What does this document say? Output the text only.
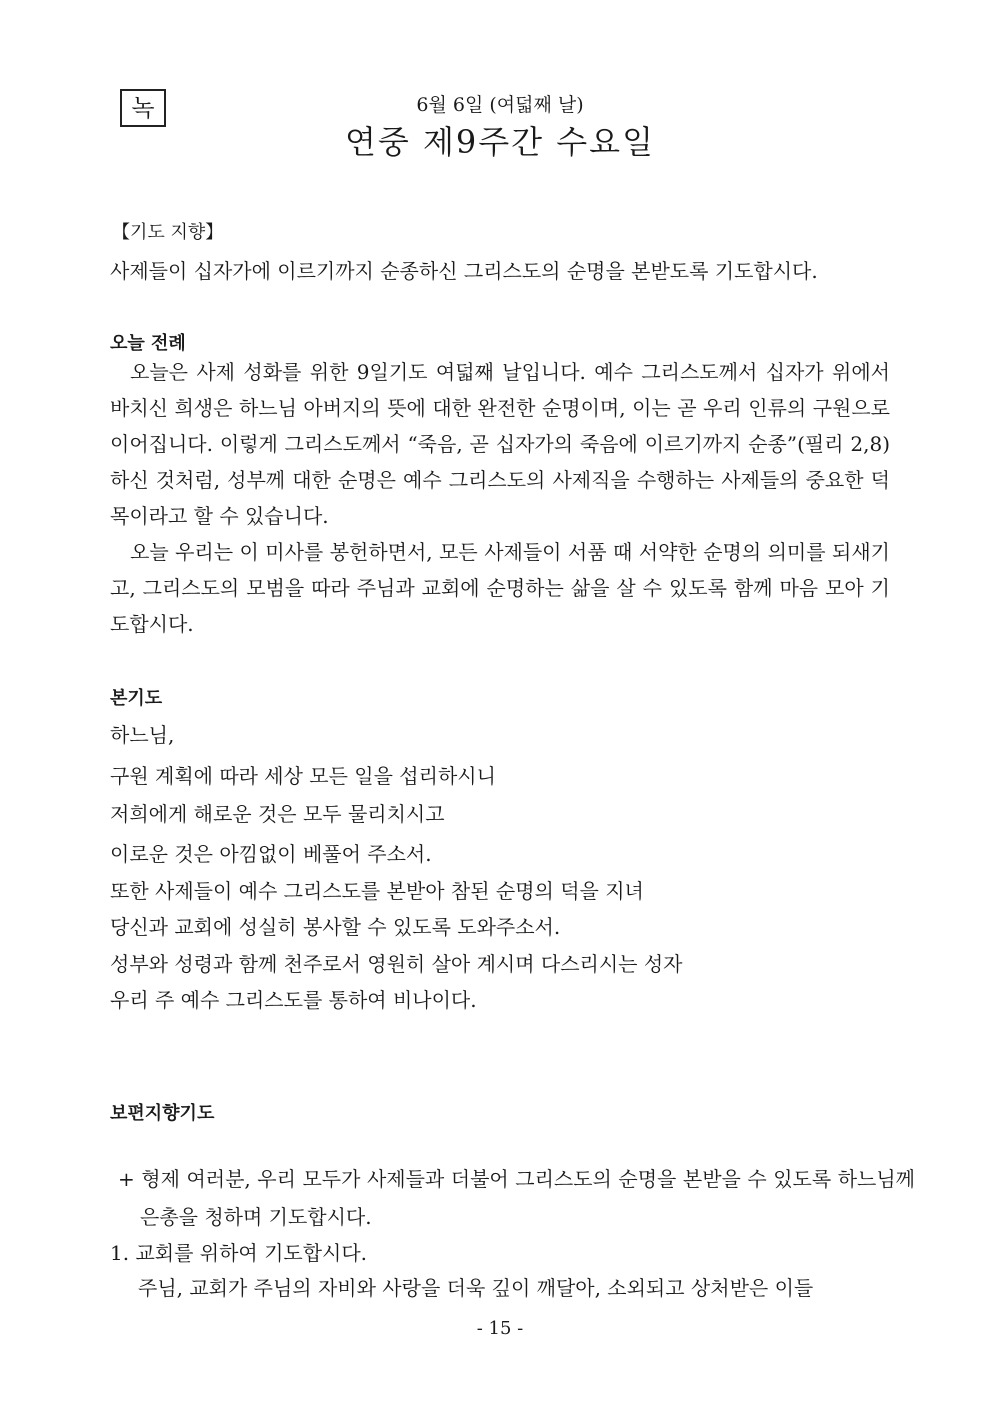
녹	6월 6일 (여덟째 날)
연중 제9주간 수요일
【기도 지향】
사제들이 십자가에 이르기까지 순종하신 그리스도의 순명을 본받도록 기도합시다.
오늘 전례

오늘은 사제 성화를 위한 9일기도 여덟째 날입니다. 예수 그리스도께서 십자가 위에서 바치신 희생은 하느님 아버지의 뜻에 대한 완전한 순명이며, 이는 곧 우리 인류의 구원으로 이어집니다. 이렇게 그리스도께서 “죽음, 곧 십자가의 죽음에 이르기까지 순종”(필리 2,8) 하신 것처럼, 성부께 대한 순명은 예수 그리스도의 사제직을 수행하는 사제들의 중요한 덕목이라고 할 수 있습니다.

오늘 우리는 이 미사를 봉헌하면서, 모든 사제들이 서품 때 서약한 순명의 의미를 되새기고, 그리스도의 모범을 따라 주님과 교회에 순명하는 삶을 살 수 있도록 함께 마음 모아 기도합시다.

본기도
하느님,
구원 계획에 따라 세상 모든 일을 섭리하시니
저희에게 해로운 것은 모두 물리치시고
이로운 것은 아낌없이 베풀어 주소서.
또한 사제들이 예수 그리스도를 본받아 참된 순명의 덕을 지녀
당신과 교회에 성실히 봉사할 수 있도록 도와주소서.
성부와 성령과 함께 천주로서 영원히 살아 계시며 다스리시는 성자
우리 주 예수 그리스도를 통하여 비나이다.
보편지향기도
+ 형제 여러분, 우리 모두가 사제들과 더불어 그리스도의 순명을 본받을 수 있도록 하느님께 은총을 청하며 기도합시다.
1. 교회를 위하여 기도합시다.
주님, 교회가 주님의 자비와 사랑을 더욱 깊이 깨달아, 소외되고 상처받은 이들
- 15 -
